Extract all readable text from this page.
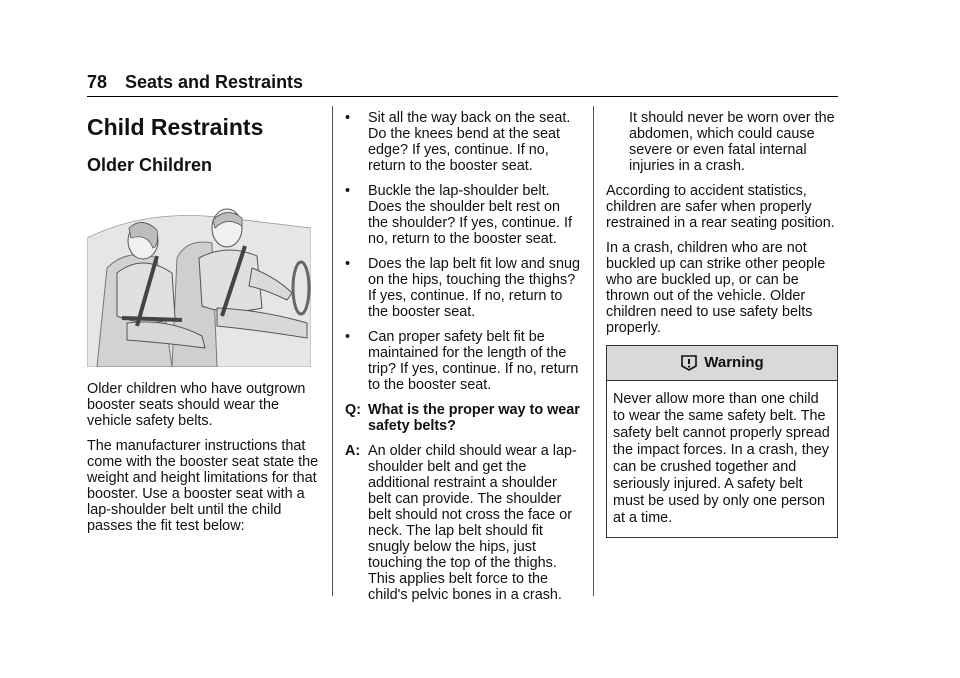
78 Seats and Restraints
Child Restraints
Older Children

Older children who have outgrown booster seats should wear the vehicle safety belts.

The manufacturer instructions that come with the booster seat state the weight and height limitations for that booster. Use a booster seat with a lap-shoulder belt until the child passes the fit test below:

• Sit all the way back on the seat. Do the knees bend at the seat edge? If yes, continue. If no, return to the booster seat.
• Buckle the lap-shoulder belt. Does the shoulder belt rest on the shoulder? If yes, continue. If no, return to the booster seat.
• Does the lap belt fit low and snug on the hips, touching the thighs? If yes, continue. If no, return to the booster seat.
• Can proper safety belt fit be maintained for the length of the trip? If yes, continue. If no, return to the booster seat.
Q: What is the proper way to wear safety belts?
A: An older child should wear a lap-shoulder belt and get the additional restraint a shoulder belt can provide. The shoulder belt should not cross the face or neck. The lap belt should fit snugly below the hips, just touching the top of the thighs. This applies belt force to the child's pelvic bones in a crash.

It should never be worn over the abdomen, which could cause severe or even fatal internal injuries in a crash.

According to accident statistics, children are safer when properly restrained in a rear seating position.

In a crash, children who are not buckled up can strike other people who are buckled up, or can be thrown out of the vehicle. Older children need to use safety belts properly.

Warning
Never allow more than one child to wear the same safety belt. The safety belt cannot properly spread the impact forces. In a crash, they can be crushed together and seriously injured. A safety belt must be used by only one person at a time.
